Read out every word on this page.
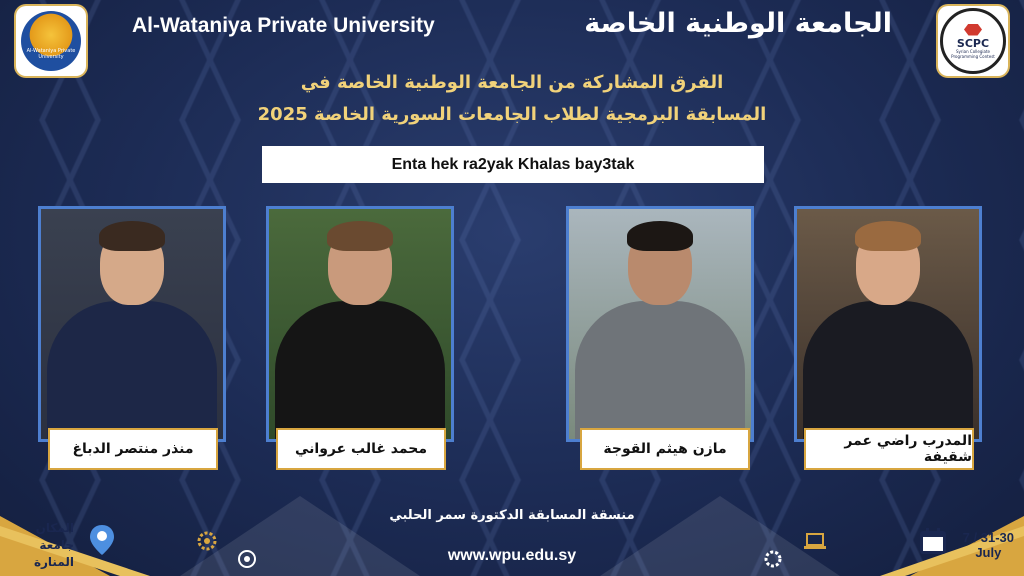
Al-Wataniya Private University
Al-Wataniya Private University	الجامعة الوطنية الخاصة
SCPC
Syrian Collegiate Programming Contest
الفرق المشاركة من الجامعة الوطنية الخاصة في
المسابقة البرمجية لطلاب الجامعات السورية الخاصة 2025
Enta hek ra2yak Khalas bay3tak
منذر منتصر الدباغ	محمد غالب عرواني	مازن هيثم القوجة	المدرب راضي عمر شقيفة
المكان
جامعة المنارة
منسقة المسابقة الدكتورة سمر الحلبي
www.wpu.edu.sy
7 / 31-30
July
